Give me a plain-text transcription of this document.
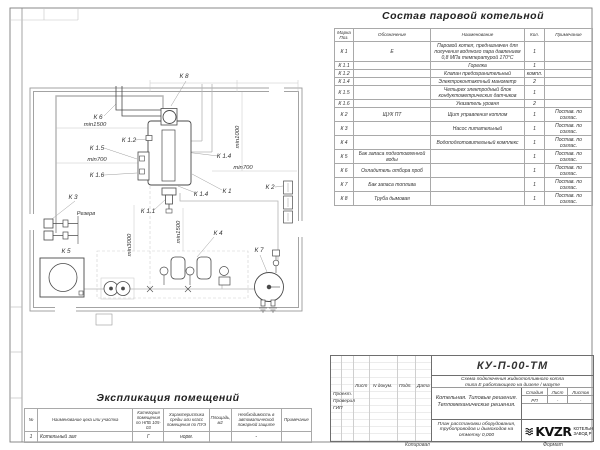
К 8
К 6
К 1.2
К 1.5
К 1.6
К 3
Резерв
К 5
К 1.1
К 1.4 К 1
К 1.4
К 4
К 7
К 2
min1500
min700
min700
min1000
min3000
min1500
Состав паровой котельной
Марка Поз.	Обозначение	Наименование	Кол.	Примечание
К 1	Е	Паровой котел, предназначен для получения водяного пара давлением 0,8 МПа температурой 170°С	1	
К 1.1		Горелка	1	
К 1.2		Клапан предохранительный	компл.	
К 1.4		Электроконтактный манометр	2	
К 1.5		Четырех электродный блок кондуктометрических датчиков	1	
К 1.6		Указатель уровня	2	
К 2	ЩУК ПТ	Щит управления котлом	1	Постав. по соглас.
К 3		Насос питательный	1	Постав. по соглас.
К 4		Водоподготовительный комплекс	1	Постав. по соглас.
К 5	Бак запаса подготовленной воды		1	Постав. по соглас.
К 6	Охладитель отбора проб		1	Постав. по соглас.
К 7	Бак запаса топлива		1	Постав. по соглас.
К 8	Труба дымовая		1	Постав. по соглас.
Экспликация помещений
№	Наименование цеха или участка	Категория помещения по НПБ 105-03	Характеристика среды или класс помещения по ПУЭ	Площадь, м2	Необходимость в автоматической пожарной защите	Примечание
1	Котельный зал	Г	норм.		-	
Лист N докум. Подп. Дата
Проект.
Проверил
ГИП
КУ-П-00-ТМ
Схема подключения жидкотопливного котла
типа Е работающего на дизеле / мазуте
Котельная. Типовые решения.
Тепломеханические решения.
Стадия	Лист	Листов
РП	-	-
План расстановки оборудования, трубопроводов и дымоходов на отметку 0,000	KVZR КОТЕЛЬН
ЗАВОД Р
Копировал	Формат
